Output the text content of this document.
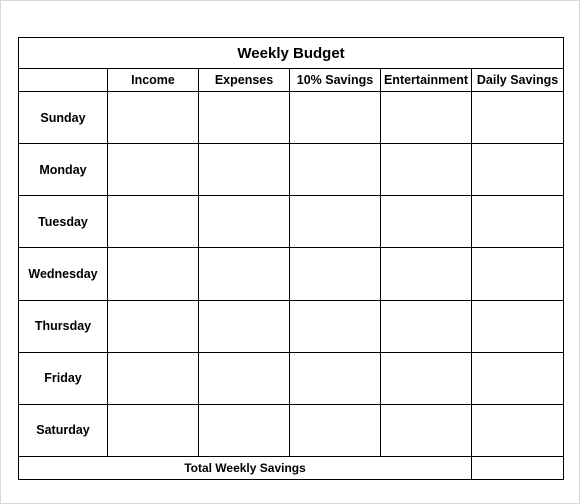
Weekly Budget					
	Income	Expenses	10% Savings	Entertainment	Daily Savings
Sunday					
Monday					
Tuesday					
Wednesday					
Thursday					
Friday					
Saturday					
Total Weekly Savings					
